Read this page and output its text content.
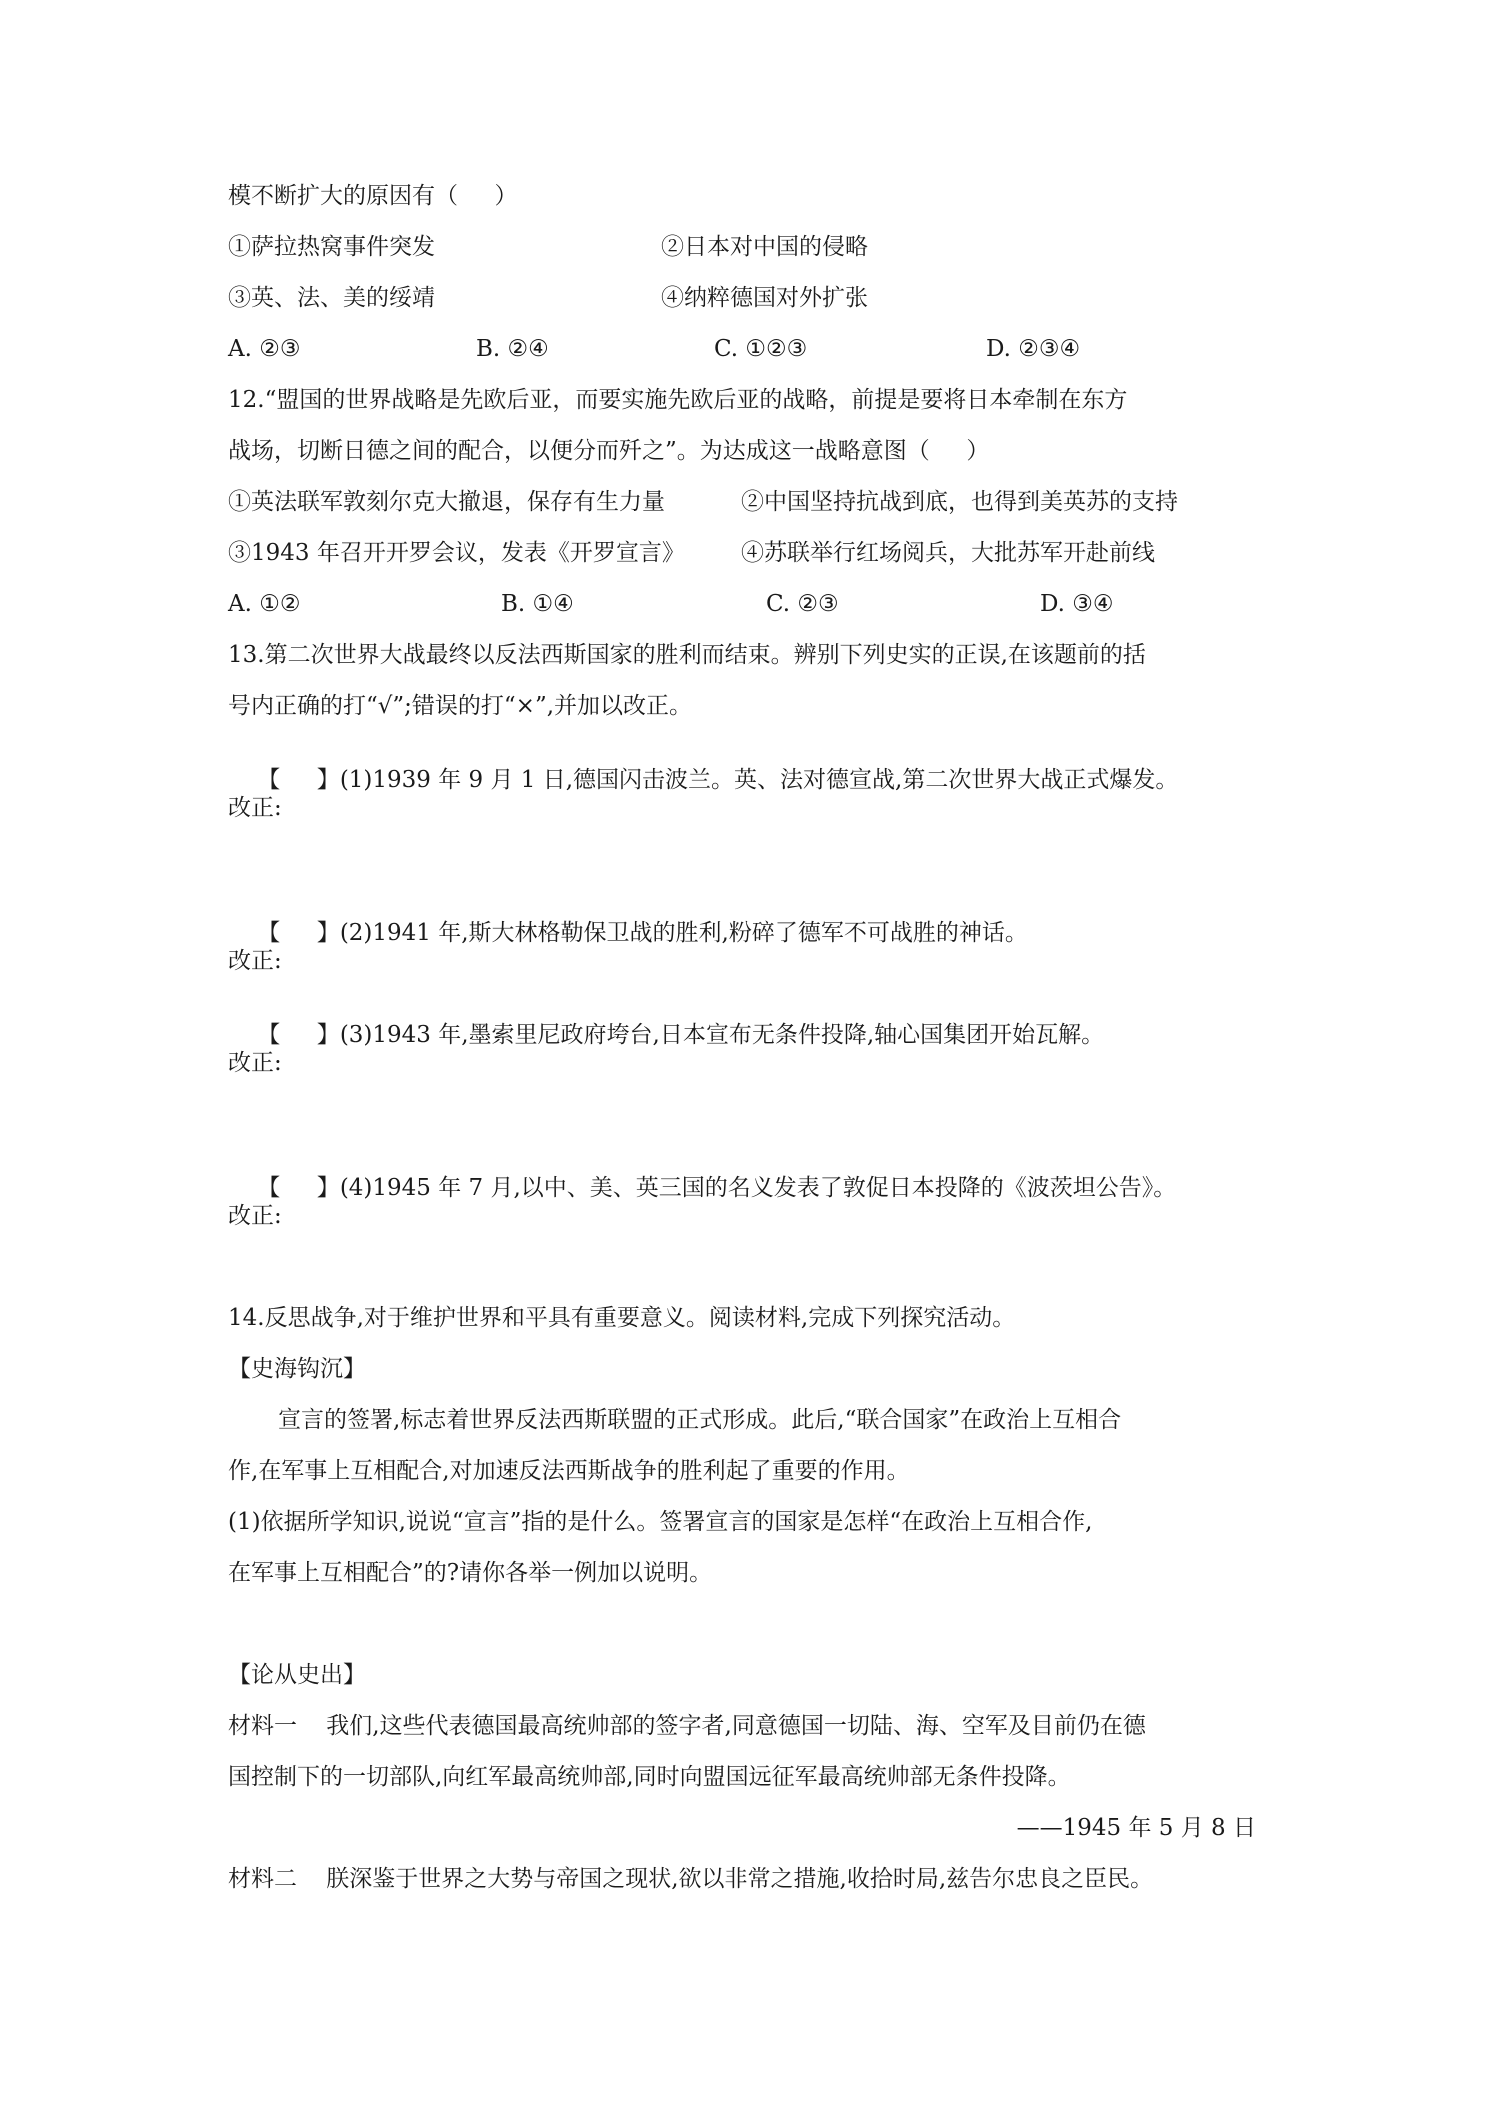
模不断扩大的原因有（     ）
①萨拉热窝事件突发	②日本对中国的侵略
③英、法、美的绥靖	④纳粹德国对外扩张
A. ②③	B. ②④	C. ①②③	D. ②③④
12.“盟国的世界战略是先欧后亚，而要实施先欧后亚的战略，前提是要将日本牵制在东方
战场，切断日德之间的配合，以便分而歼之”。为达成这一战略意图（     ）
①英法联军敦刻尔克大撤退，保存有生力量	②中国坚持抗战到底，也得到美英苏的支持
③1943 年召开开罗会议，发表《开罗宣言》 ④苏联举行红场阅兵，大批苏军开赴前线
A. ①②	B. ①④	C. ②③	D. ③④
13.第二次世界大战最终以反法西斯国家的胜利而结束。辨别下列史实的正误,在该题前的括
号内正确的打“√”;错误的打“×”,并加以改正。

【     】(1)1939 年 9 月 1 日,德国闪击波兰。英、法对德宣战,第二次世界大战正式爆发。

改正:

【     】(2)1941 年,斯大林格勒保卫战的胜利,粉碎了德军不可战胜的神话。

改正:

【     】(3)1943 年,墨索里尼政府垮台,日本宣布无条件投降,轴心国集团开始瓦解。

改正:

【     】(4)1945 年 7 月,以中、美、英三国的名义发表了敦促日本投降的《波茨坦公告》。

改正:
14.反思战争,对于维护世界和平具有重要意义。阅读材料,完成下列探究活动。
【史海钩沉】
宣言的签署,标志着世界反法西斯联盟的正式形成。此后,“联合国家”在政治上互相合
作,在军事上互相配合,对加速反法西斯战争的胜利起了重要的作用。
(1)依据所学知识,说说“宣言”指的是什么。签署宣言的国家是怎样“在政治上互相合作,
在军事上互相配合”的?请你各举一例加以说明。
【论从史出】
材料一    我们,这些代表德国最高统帅部的签字者,同意德国一切陆、海、空军及目前仍在德
国控制下的一切部队,向红军最高统帅部,同时向盟国远征军最高统帅部无条件投降。
——1945 年 5 月 8 日
材料二    朕深鉴于世界之大势与帝国之现状,欲以非常之措施,收拾时局,兹告尔忠良之臣民。
